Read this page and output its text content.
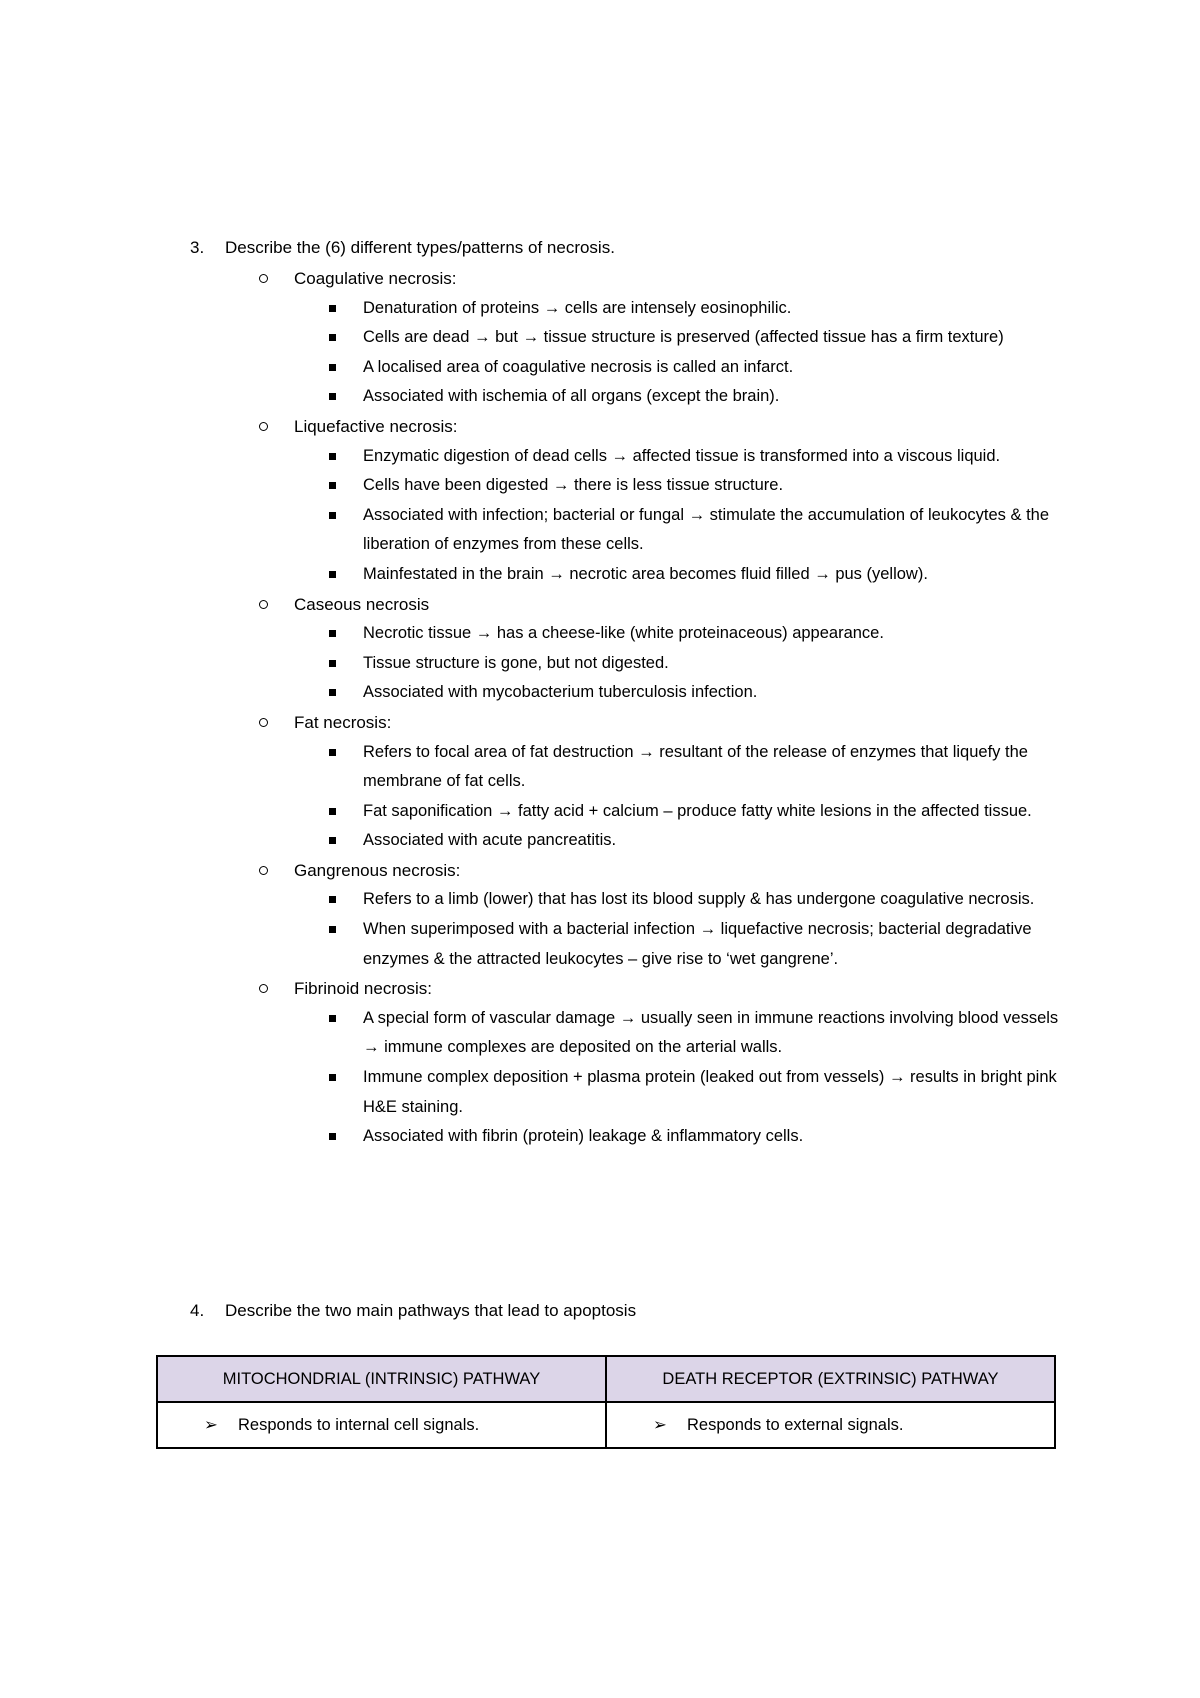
3.	Describe the (6) different types/patterns of necrosis.
Coagulative necrosis:
Denaturation of proteins → cells are intensely eosinophilic.
Cells are dead → but → tissue structure is preserved (affected tissue has a firm texture)
A localised area of coagulative necrosis is called an infarct.
Associated with ischemia of all organs (except the brain).
Liquefactive necrosis:
Enzymatic digestion of dead cells → affected tissue is transformed into a viscous liquid.
Cells have been digested → there is less tissue structure.
Associated with infection; bacterial or fungal → stimulate the accumulation of leukocytes & the liberation of enzymes from these cells.
Mainfestated in the brain → necrotic area becomes fluid filled → pus (yellow).
Caseous necrosis
Necrotic tissue → has a cheese-like (white proteinaceous) appearance.
Tissue structure is gone, but not digested.
Associated with mycobacterium tuberculosis infection.
Fat necrosis:
Refers to focal area of fat destruction → resultant of the release of enzymes that liquefy the membrane of fat cells.
Fat saponification → fatty acid + calcium – produce fatty white lesions in the affected tissue.
Associated with acute pancreatitis.
Gangrenous necrosis:
Refers to a limb (lower) that has lost its blood supply & has undergone coagulative necrosis.
When superimposed with a bacterial infection → liquefactive necrosis; bacterial degradative enzymes & the attracted leukocytes – give rise to ‘wet gangrene’.
Fibrinoid necrosis:
A special form of vascular damage → usually seen in immune reactions involving blood vessels → immune complexes are deposited on the arterial walls.
Immune complex deposition + plasma protein (leaked out from vessels) → results in bright pink H&E staining.
Associated with fibrin (protein) leakage & inflammatory cells.
4.	Describe the two main pathways that lead to apoptosis
MITOCHONDRIAL (INTRINSIC) PATHWAY	DEATH RECEPTOR (EXTRINSIC) PATHWAY
➢ Responds to internal cell signals.	➢ Responds to external signals.
